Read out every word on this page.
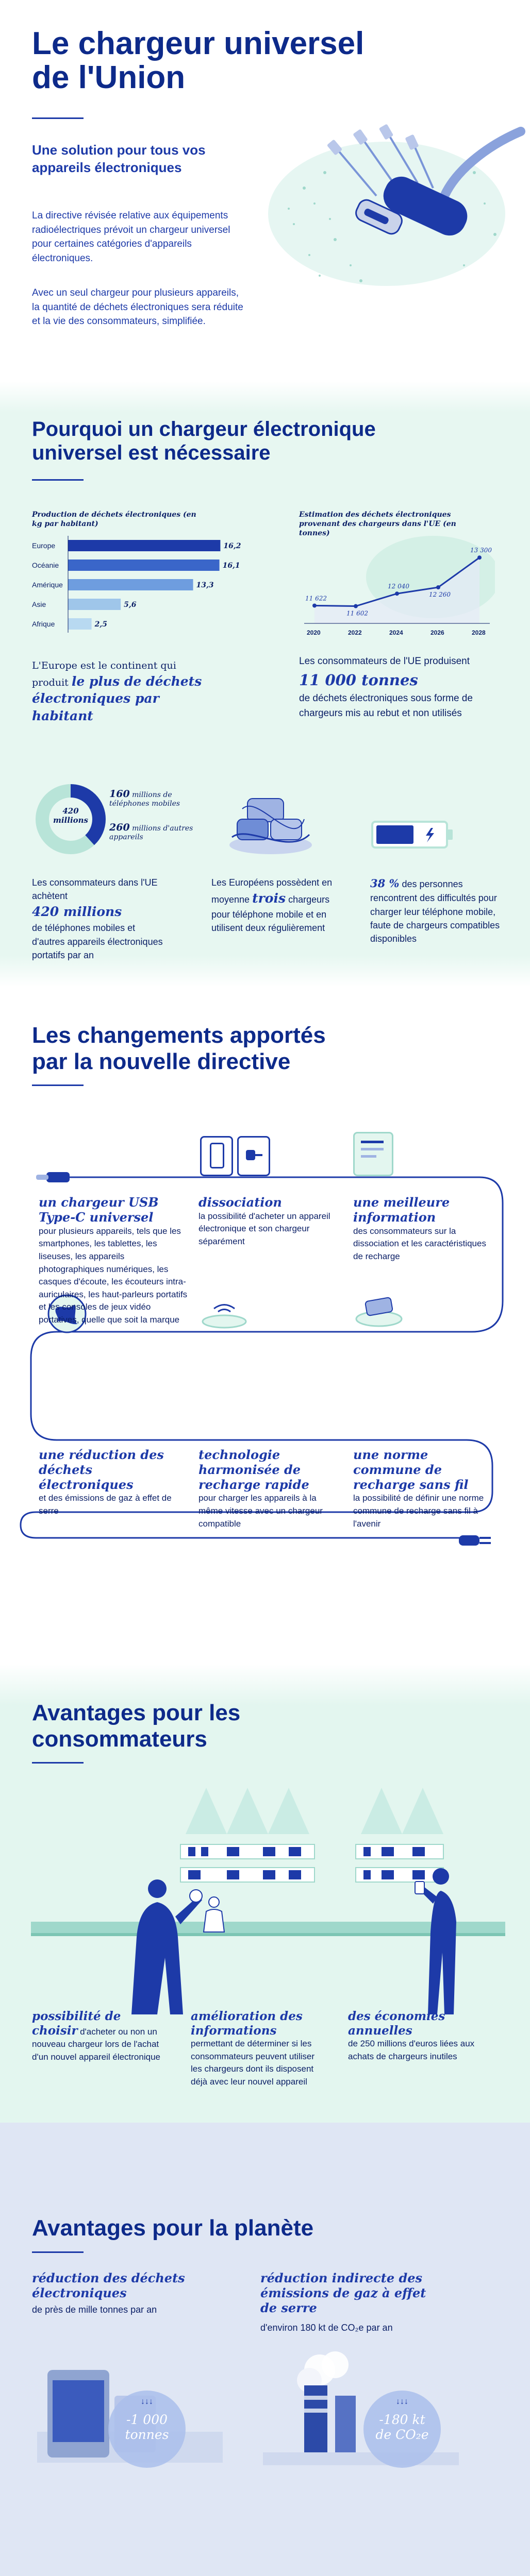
Le chargeur universel
de l'Union
Une solution pour tous vos appareils électroniques
La directive révisée relative aux équipements radioélectriques prévoit un chargeur universel pour certaines catégories d'appareils électroniques.
Avec un seul chargeur pour plusieurs appareils, la quantité de déchets électroniques sera réduite et la vie des consommateurs, simplifiée.
Pourquoi un chargeur électronique universel est nécessaire
Production de déchets électroniques (en kg par habitant)
Europe	16,2
Océanie	16,1
Amérique	13,3
Asie	5,6
Afrique	2,5
L'Europe est le continent qui produit le plus de déchets électroniques par habitant
Estimation des déchets électroniques provenant des chargeurs dans l'UE (en tonnes)
11 622
2020
11 602
2022
12 040
2024
12 260
2026
13 300
2028
Les consommateurs de l'UE produisent
11 000 tonnes
de déchets électroniques sous forme de chargeurs mis au rebut et non utilisés
420 millions
160 millions de téléphones mobiles
260 millions d'autres appareils
Les consommateurs dans l'UE achètent
420 millions
de téléphones mobiles et d'autres appareils électroniques portatifs par an
Les Européens possèdent en moyenne trois chargeurs pour téléphone mobile et en utilisent deux régulièrement
38 % des personnes rencontrent des difficultés pour charger leur téléphone mobile, faute de chargeurs compatibles disponibles
Les changements apportés par la nouvelle directive
un chargeur USB Type-C universel
pour plusieurs appareils, tels que les smartphones, les tablettes, les liseuses, les appareils photographiques numériques, les casques d'écoute, les écouteurs intra-auriculaires, les haut-parleurs portatifs et les consoles de jeux vidéo portatives, quelle que soit la marque
dissociation
la possibilité d'acheter un appareil électronique et son chargeur séparément
une meilleure information
des consommateurs sur la dissociation et les caractéristiques de recharge
une réduction des déchets électroniques
et des émissions de gaz à effet de serre
technologie harmonisée de recharge rapide
pour charger les appareils à la même vitesse avec un chargeur compatible
une norme commune de recharge sans fil
la possibilité de définir une norme commune de recharge sans fil à l'avenir
Avantages pour les consommateurs
possibilité de choisir d'acheter ou non un nouveau chargeur lors de l'achat d'un nouvel appareil électronique
amélioration des informations
permettant de déterminer si les consommateurs peuvent utiliser les chargeurs dont ils disposent déjà avec leur nouvel appareil
des économies annuelles
de 250 millions d'euros liées aux achats de chargeurs inutiles
Avantages pour la planète
réduction des déchets électroniques
de près de mille tonnes par an
réduction indirecte des émissions de gaz à effet de serre
d'environ 180 kt de CO₂e par an
↓↓↓
-1 000
tonnes
↓↓↓
-180 kt
de CO₂e
